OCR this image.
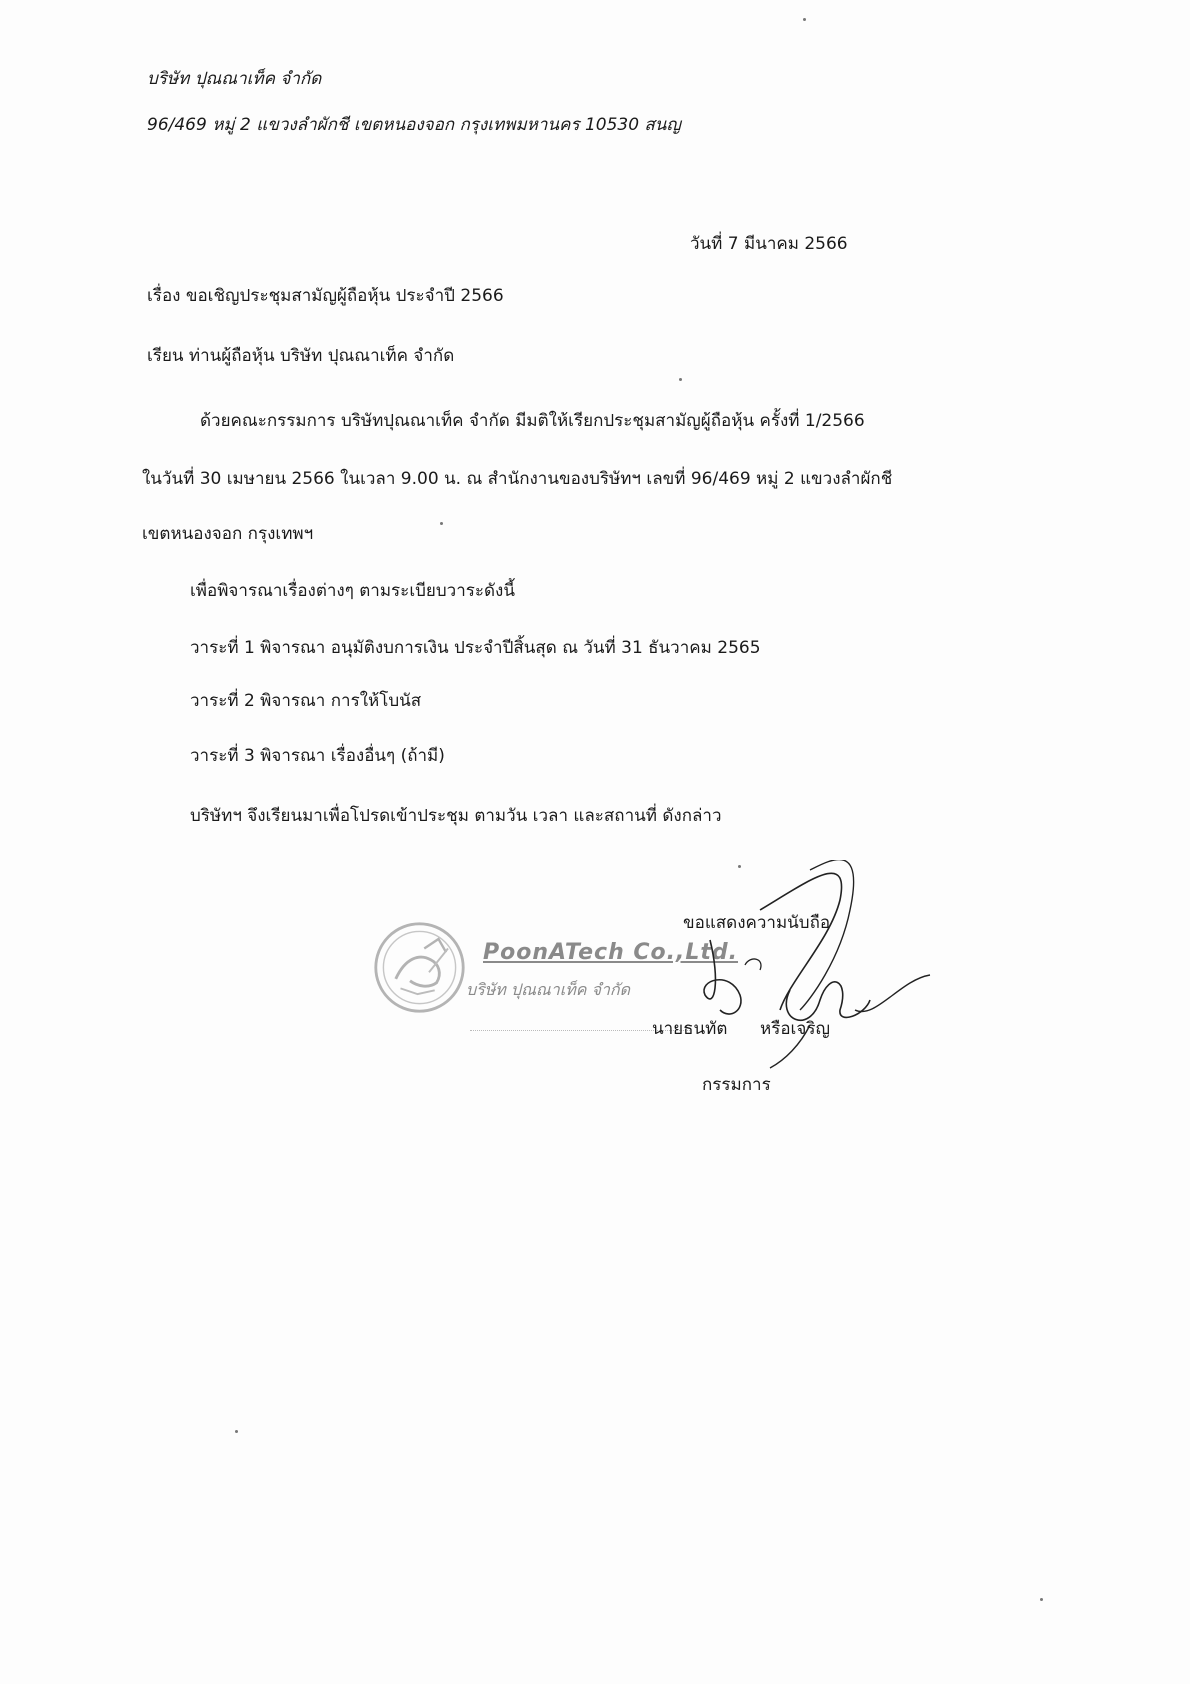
บริษัท ปุณณาเท็ค จำกัด
96/469 หมู่ 2 แขวงลำผักชี เขตหนองจอก กรุงเทพมหานคร 10530 สนญ
วันที่ 7 มีนาคม 2566
เรื่อง ขอเชิญประชุมสามัญผู้ถือหุ้น ประจำปี 2566
เรียน ท่านผู้ถือหุ้น บริษัท ปุณณาเท็ค จำกัด
ด้วยคณะกรรมการ บริษัทปุณณาเท็ค จำกัด มีมติให้เรียกประชุมสามัญผู้ถือหุ้น ครั้งที่ 1/2566
ในวันที่ 30 เมษายน 2566 ในเวลา 9.00 น. ณ สำนักงานของบริษัทฯ เลขที่ 96/469 หมู่ 2 แขวงลำผักชี
เขตหนองจอก กรุงเทพฯ
เพื่อพิจารณาเรื่องต่างๆ ตามระเบียบวาระดังนี้
วาระที่ 1 พิจารณา อนุมัติงบการเงิน ประจำปีสิ้นสุด ณ วันที่ 31 ธันวาคม 2565
วาระที่ 2 พิจารณา การให้โบนัส
วาระที่ 3 พิจารณา เรื่องอื่นๆ (ถ้ามี)
บริษัทฯ จึงเรียนมาเพื่อโปรดเข้าประชุม ตามวัน เวลา และสถานที่ ดังกล่าว
PoonATech Co.,Ltd.
บริษัท ปุณณาเท็ค จำกัด
ขอแสดงความนับถือ
นายธนทัต หรือเจริญ
กรรมการ
